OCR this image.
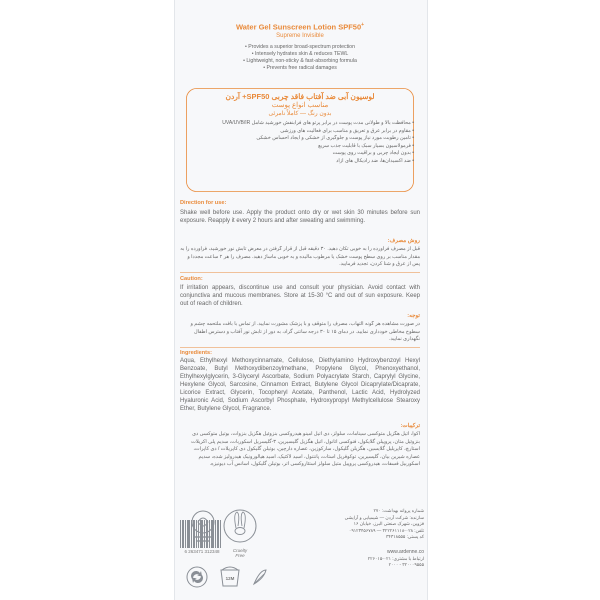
Water Gel Sunscreen Lotion SPF50+
Supreme Invisible
• Provides a superior broad-spectrum protection
• Intensely hydrates skin & reduces TEWL
• Lightweight, non-sticky & fast-absorbing formula
• Prevents free radical damages
لوسیون آبی ضد آفتاب فاقد چربی SPF50+ آردن
مناسب انواع پوست
بدون رنگ — کاملاً نامرئی
• محافظت بالا و طولانی مدت پوست در برابر پرتو های فرابنفش خورشید شامل UVA/UVB/IR
• مقاوم در برابر عرق و تعریق و مناسب برای فعالیت های ورزشی
• تامین رطوبت مورد نیاز پوست و جلوگیری از خشکی و ایجاد احساس خشکی
• فرمولاسیون بسیار سبک با قابلیت جذب سریع
• بدون ایجاد چربی و براقیت روی پوست
• ضد اکسیدان‌ها، ضد رادیکال های آزاد
Direction for use:
Shake well before use. Apply the product onto dry or wet skin 30 minutes before sun exposure. Reapply it every 2 hours and after sweating and swimming.
روش مصرف:
قبل از مصرف فراورده را به خوبی تکان دهید. ۳۰ دقیقه قبل از قرار گرفتن در معرض تابش نور خورشید، فراورده را به مقدار مناسب بر روی سطح پوست خشک یا مرطوب مالیده و به خوبی ماساژ دهید. مصرف را هر ۲ ساعت مجددا و پس از عرق و شنا کردن، تجدید فرمایید.
Caution:
If irritation appears, discontinue use and consult your physician. Avoid contact with conjunctiva and mucous membranes. Store at 15-30 °C and out of sun exposure. Keep out of reach of children.
توجه:
در صورت مشاهده هر گونه التهاب، مصرف را متوقف و با پزشک مشورت نمایید. از تماس با بافت ملتحمه چشم و سطوح مخاطی خودداری نمایید. در دمای ۱۵ تا ۳۰ درجه سانتی گراد، به دور از تابش نور آفتاب و دسترس اطفال نگهداری نمایید.
Ingredients:
Aqua, Ethylhexyl Methoxycinnamate, Cellulose, Diethylamino Hydroxybenzoyl Hexyl Benzoate, Butyl Methoxydibenzoylmethane, Propylene Glycol, Phenoxyethanol, Ethylhexylglycerin, 3-Glyceryl Ascorbate, Sodium Polyacrylate Starch, Caprylyl Glycine, Hexylene Glycol, Sarcosine, Cinnamon Extract, Butylene Glycol Dicaprylate/Dicaprate, Licorice Extract, Glycerin, Tocopheryl Acetate, Panthenol, Lactic Acid, Hydrolyzed Hyaluronic Acid, Sodium Ascorbyl Phosphate, Hydroxypropyl Methylcellulose Stearoxy Ether, Butylene Glycol, Fragrance.
ترکیبات:
آکوا، اتیل هگزیل متوکسی سینامات، سلولز، دی اتیل آمینو هیدروکسی بنزوئیل هگزیل بنزوات، بوتیل متوکسی دی بنزوئیل متان، پروپیلن گلایکول، فنوکسی اتانول، اتیل هگزیل گلیسیرین، ۳-گلیسریل اسکوربات، سدیم پلی اکریلات استارچ، کاپریلیل گلایسین، هگزیلن گلیکول، سارکوزین، عصاره دارچین، بوتیلن گلیکول دی کاپریلات / دی کاپرات، عصاره شیرین بیان، گلیسیرین، توکوفریل استات، پانتنول، اسید لاکتیک، اسید هیالورونیک هیدرولیز شده، سدیم اسکوربیل فسفات، هیدروکسی پروپیل متیل سلولز استئاروکسی اتر، بوتیلن گلیکول، اسانس آب دیونیزه.
Cruelty
Free
شماره پروانه بهداشت: ۲۷۰
سازنده: شرکت آردن — شیمیایی و آرایشی
قزوین، شهرک صنعتی البرز، خیابان ۱۶
تلفن: ۰۲۸-۳۲۲۲۶۱۱۱۸ — ۰۹۱۲۳۴۵۶۷۸۹
کد پستی: ۳۴۳۱۸۵۵۵
www.ardenne.co
ارتباط با مشتری: ۰۲۱-۲۲۶۰۱۵
۳۲۰۰۰۹۵۵۵ - ۲۰۰۰
6 263471 312348
12M
